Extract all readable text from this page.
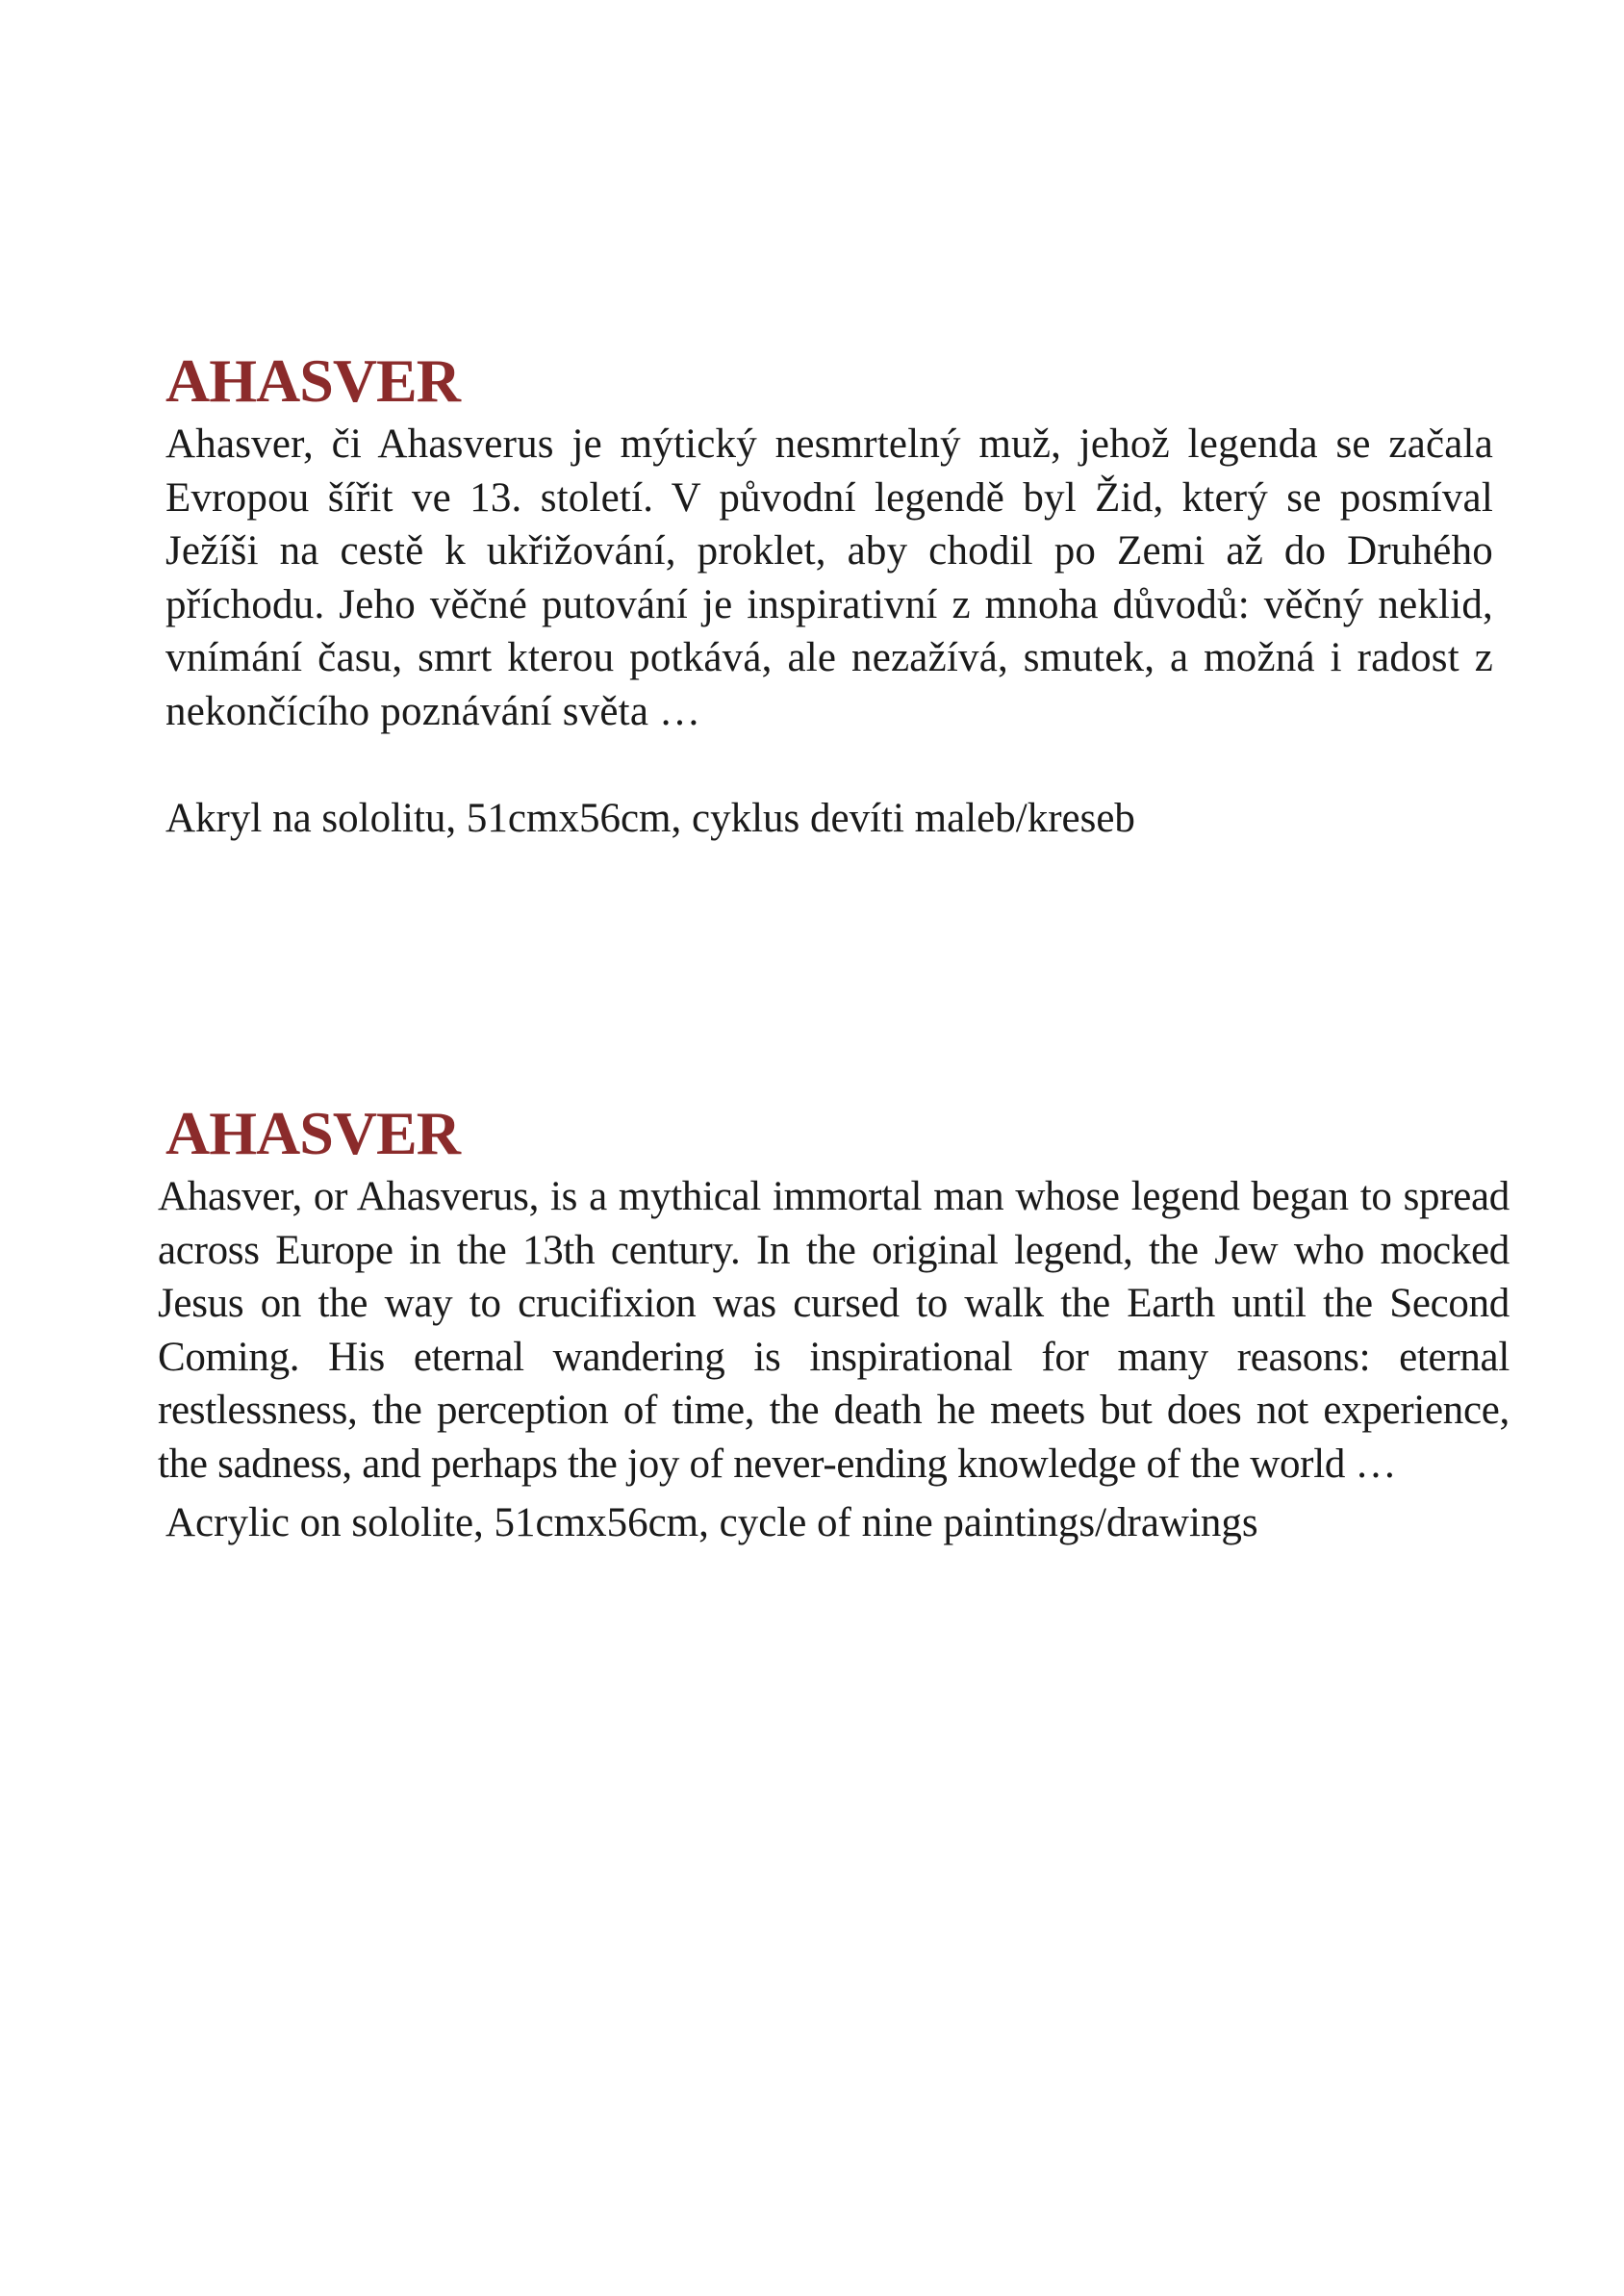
AHASVER

Ahasver, či Ahasverus je mýtický nesmrtelný muž, jehož legenda se začala Evropou šířit ve 13. století. V původní legendě byl Žid, který se posmíval Ježíši na cestě k ukřižování, proklet, aby chodil po Zemi až do Druhého příchodu. Jeho věčné putování je inspirativní z mnoha důvodů: věčný neklid, vnímání času, smrt kterou potkává, ale nezažívá, smutek, a možná i radost z nekončícího poznávání světa …

Akryl na sololitu, 51cmx56cm, cyklus devíti maleb/kreseb

AHASVER

Ahasver, or Ahasverus, is a mythical immortal man whose legend began to spread across Europe in the 13th century. In the original legend, the Jew who mocked Jesus on the way to crucifixion was cursed to walk the Earth until the Second Coming. His eternal wandering is inspirational for many reasons: eternal restlessness, the perception of time, the death he meets but does not experience, the sadness, and perhaps the joy of never-ending knowledge of the world …

Acrylic on sololite, 51cmx56cm, cycle of nine paintings/drawings
